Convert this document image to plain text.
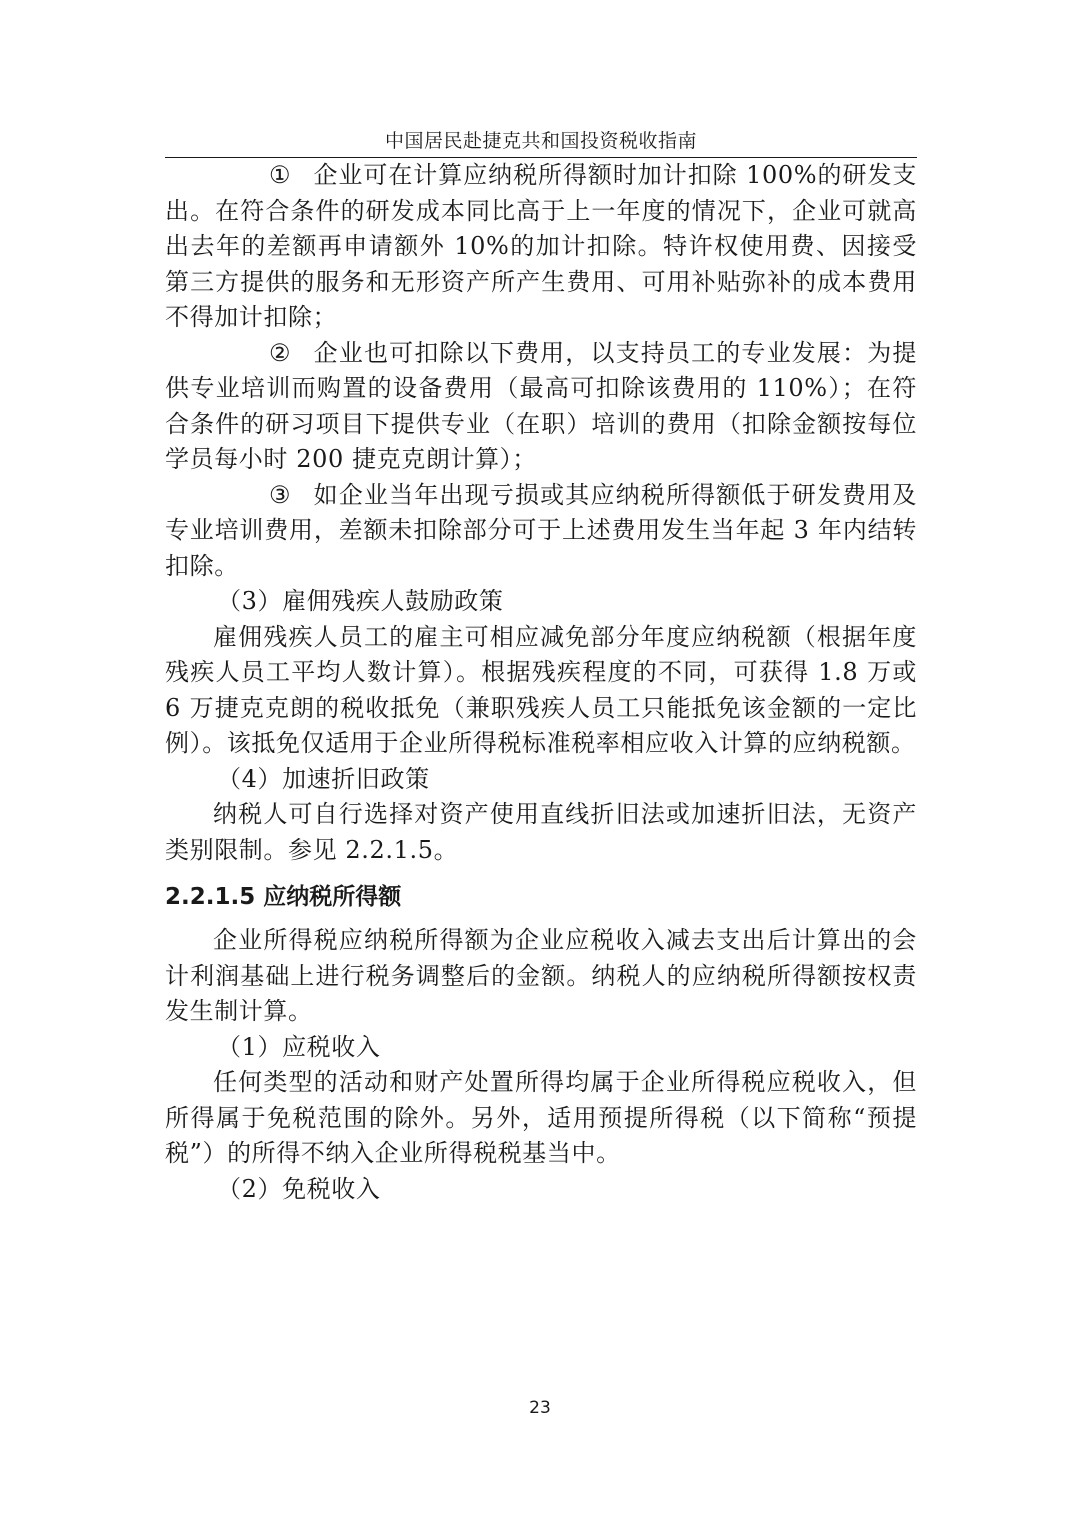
中国居民赴捷克共和国投资税收指南

① 企业可在计算应纳税所得额时加计扣除 100%的研发支出。在符合条件的研发成本同比高于上一年度的情况下，企业可就高出去年的差额再申请额外 10%的加计扣除。特许权使用费、因接受第三方提供的服务和无形资产所产生费用、可用补贴弥补的成本费用不得加计扣除；

② 企业也可扣除以下费用，以支持员工的专业发展：为提供专业培训而购置的设备费用（最高可扣除该费用的 110%）；在符合条件的研习项目下提供专业（在职）培训的费用（扣除金额按每位学员每小时 200 捷克克朗计算）；

③ 如企业当年出现亏损或其应纳税所得额低于研发费用及专业培训费用，差额未扣除部分可于上述费用发生当年起 3 年内结转扣除。

（3）雇佣残疾人鼓励政策

雇佣残疾人员工的雇主可相应减免部分年度应纳税额（根据年度残疾人员工平均人数计算）。根据残疾程度的不同，可获得 1.8 万或 6 万捷克克朗的税收抵免（兼职残疾人员工只能抵免该金额的一定比例）。该抵免仅适用于企业所得税标准税率相应收入计算的应纳税额。

（4）加速折旧政策

纳税人可自行选择对资产使用直线折旧法或加速折旧法，无资产类别限制。参见 2.2.1.5。

2.2.1.5 应纳税所得额

企业所得税应纳税所得额为企业应税收入减去支出后计算出的会计利润基础上进行税务调整后的金额。纳税人的应纳税所得额按权责发生制计算。

（1）应税收入

任何类型的活动和财产处置所得均属于企业所得税应税收入，但所得属于免税范围的除外。另外，适用预提所得税（以下简称“预提税”）的所得不纳入企业所得税税基当中。

（2）免税收入

23
